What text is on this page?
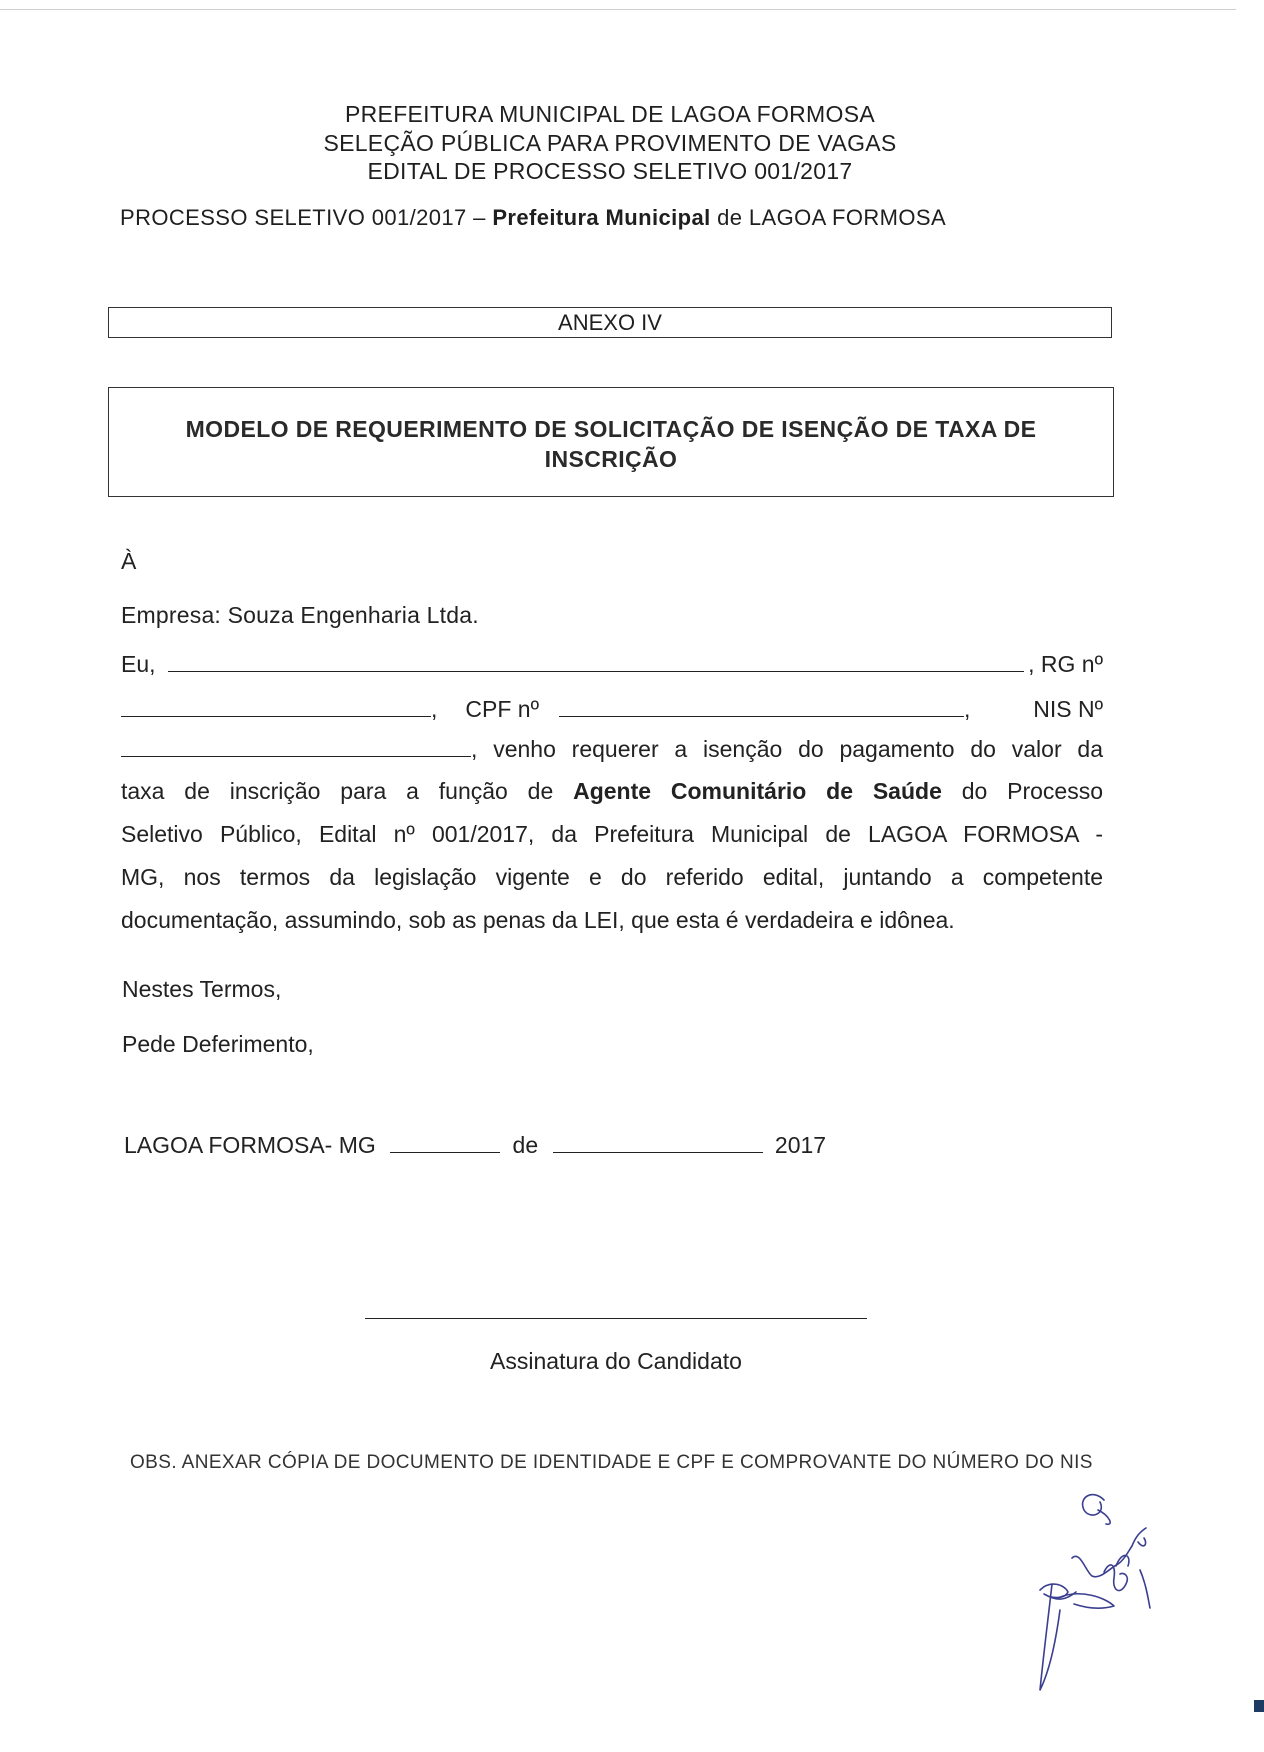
PREFEITURA MUNICIPAL DE LAGOA FORMOSA
SELEÇÃO PÚBLICA PARA PROVIMENTO DE VAGAS
EDITAL DE PROCESSO SELETIVO 001/2017
PROCESSO SELETIVO 001/2017 – Prefeitura Municipal de LAGOA FORMOSA
ANEXO IV
MODELO DE REQUERIMENTO DE SOLICITAÇÃO DE ISENÇÃO DE TAXA DE
INSCRIÇÃO
À
Empresa: Souza Engenharia Ltda.
Eu,	, RG nº
, CPF nº	,	NIS Nº
, venho requerer a isenção do pagamento do valor da
taxa de inscrição para a função de Agente Comunitário de Saúde do Processo
Seletivo Público, Edital nº 001/2017, da Prefeitura Municipal de LAGOA FORMOSA -
MG, nos termos da legislação vigente e do referido edital, juntando a competente
documentação, assumindo, sob as penas da LEI, que esta é verdadeira e idônea.
Nestes Termos,
Pede Deferimento,
LAGOA FORMOSA- MG	de	2017
Assinatura do Candidato
OBS. ANEXAR CÓPIA DE DOCUMENTO DE IDENTIDADE E CPF E COMPROVANTE DO NÚMERO DO NIS
